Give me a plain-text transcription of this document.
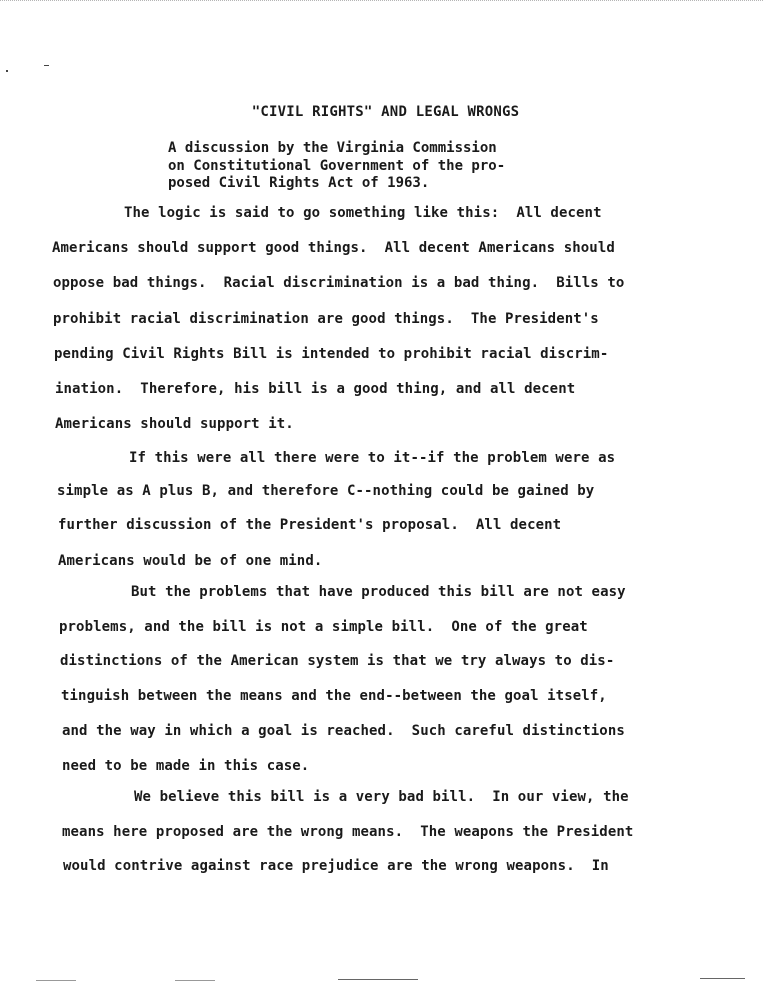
"CIVIL RIGHTS" AND LEGAL WRONGS
A discussion by the Virginia Commission
on Constitutional Government of the pro-
posed Civil Rights Act of 1963.
The logic is said to go something like this:  All decent
Americans should support good things.  All decent Americans should
oppose bad things.  Racial discrimination is a bad thing.  Bills to
prohibit racial discrimination are good things.  The President's
pending Civil Rights Bill is intended to prohibit racial discrim-
ination.  Therefore, his bill is a good thing, and all decent
Americans should support it.
If this were all there were to it--if the problem were as
simple as A plus B, and therefore C--nothing could be gained by
further discussion of the President's proposal.  All decent
Americans would be of one mind.
But the problems that have produced this bill are not easy
problems, and the bill is not a simple bill.  One of the great
distinctions of the American system is that we try always to dis-
tinguish between the means and the end--between the goal itself,
and the way in which a goal is reached.  Such careful distinctions
need to be made in this case.
We believe this bill is a very bad bill.  In our view, the
means here proposed are the wrong means.  The weapons the President
would contrive against race prejudice are the wrong weapons.  In
